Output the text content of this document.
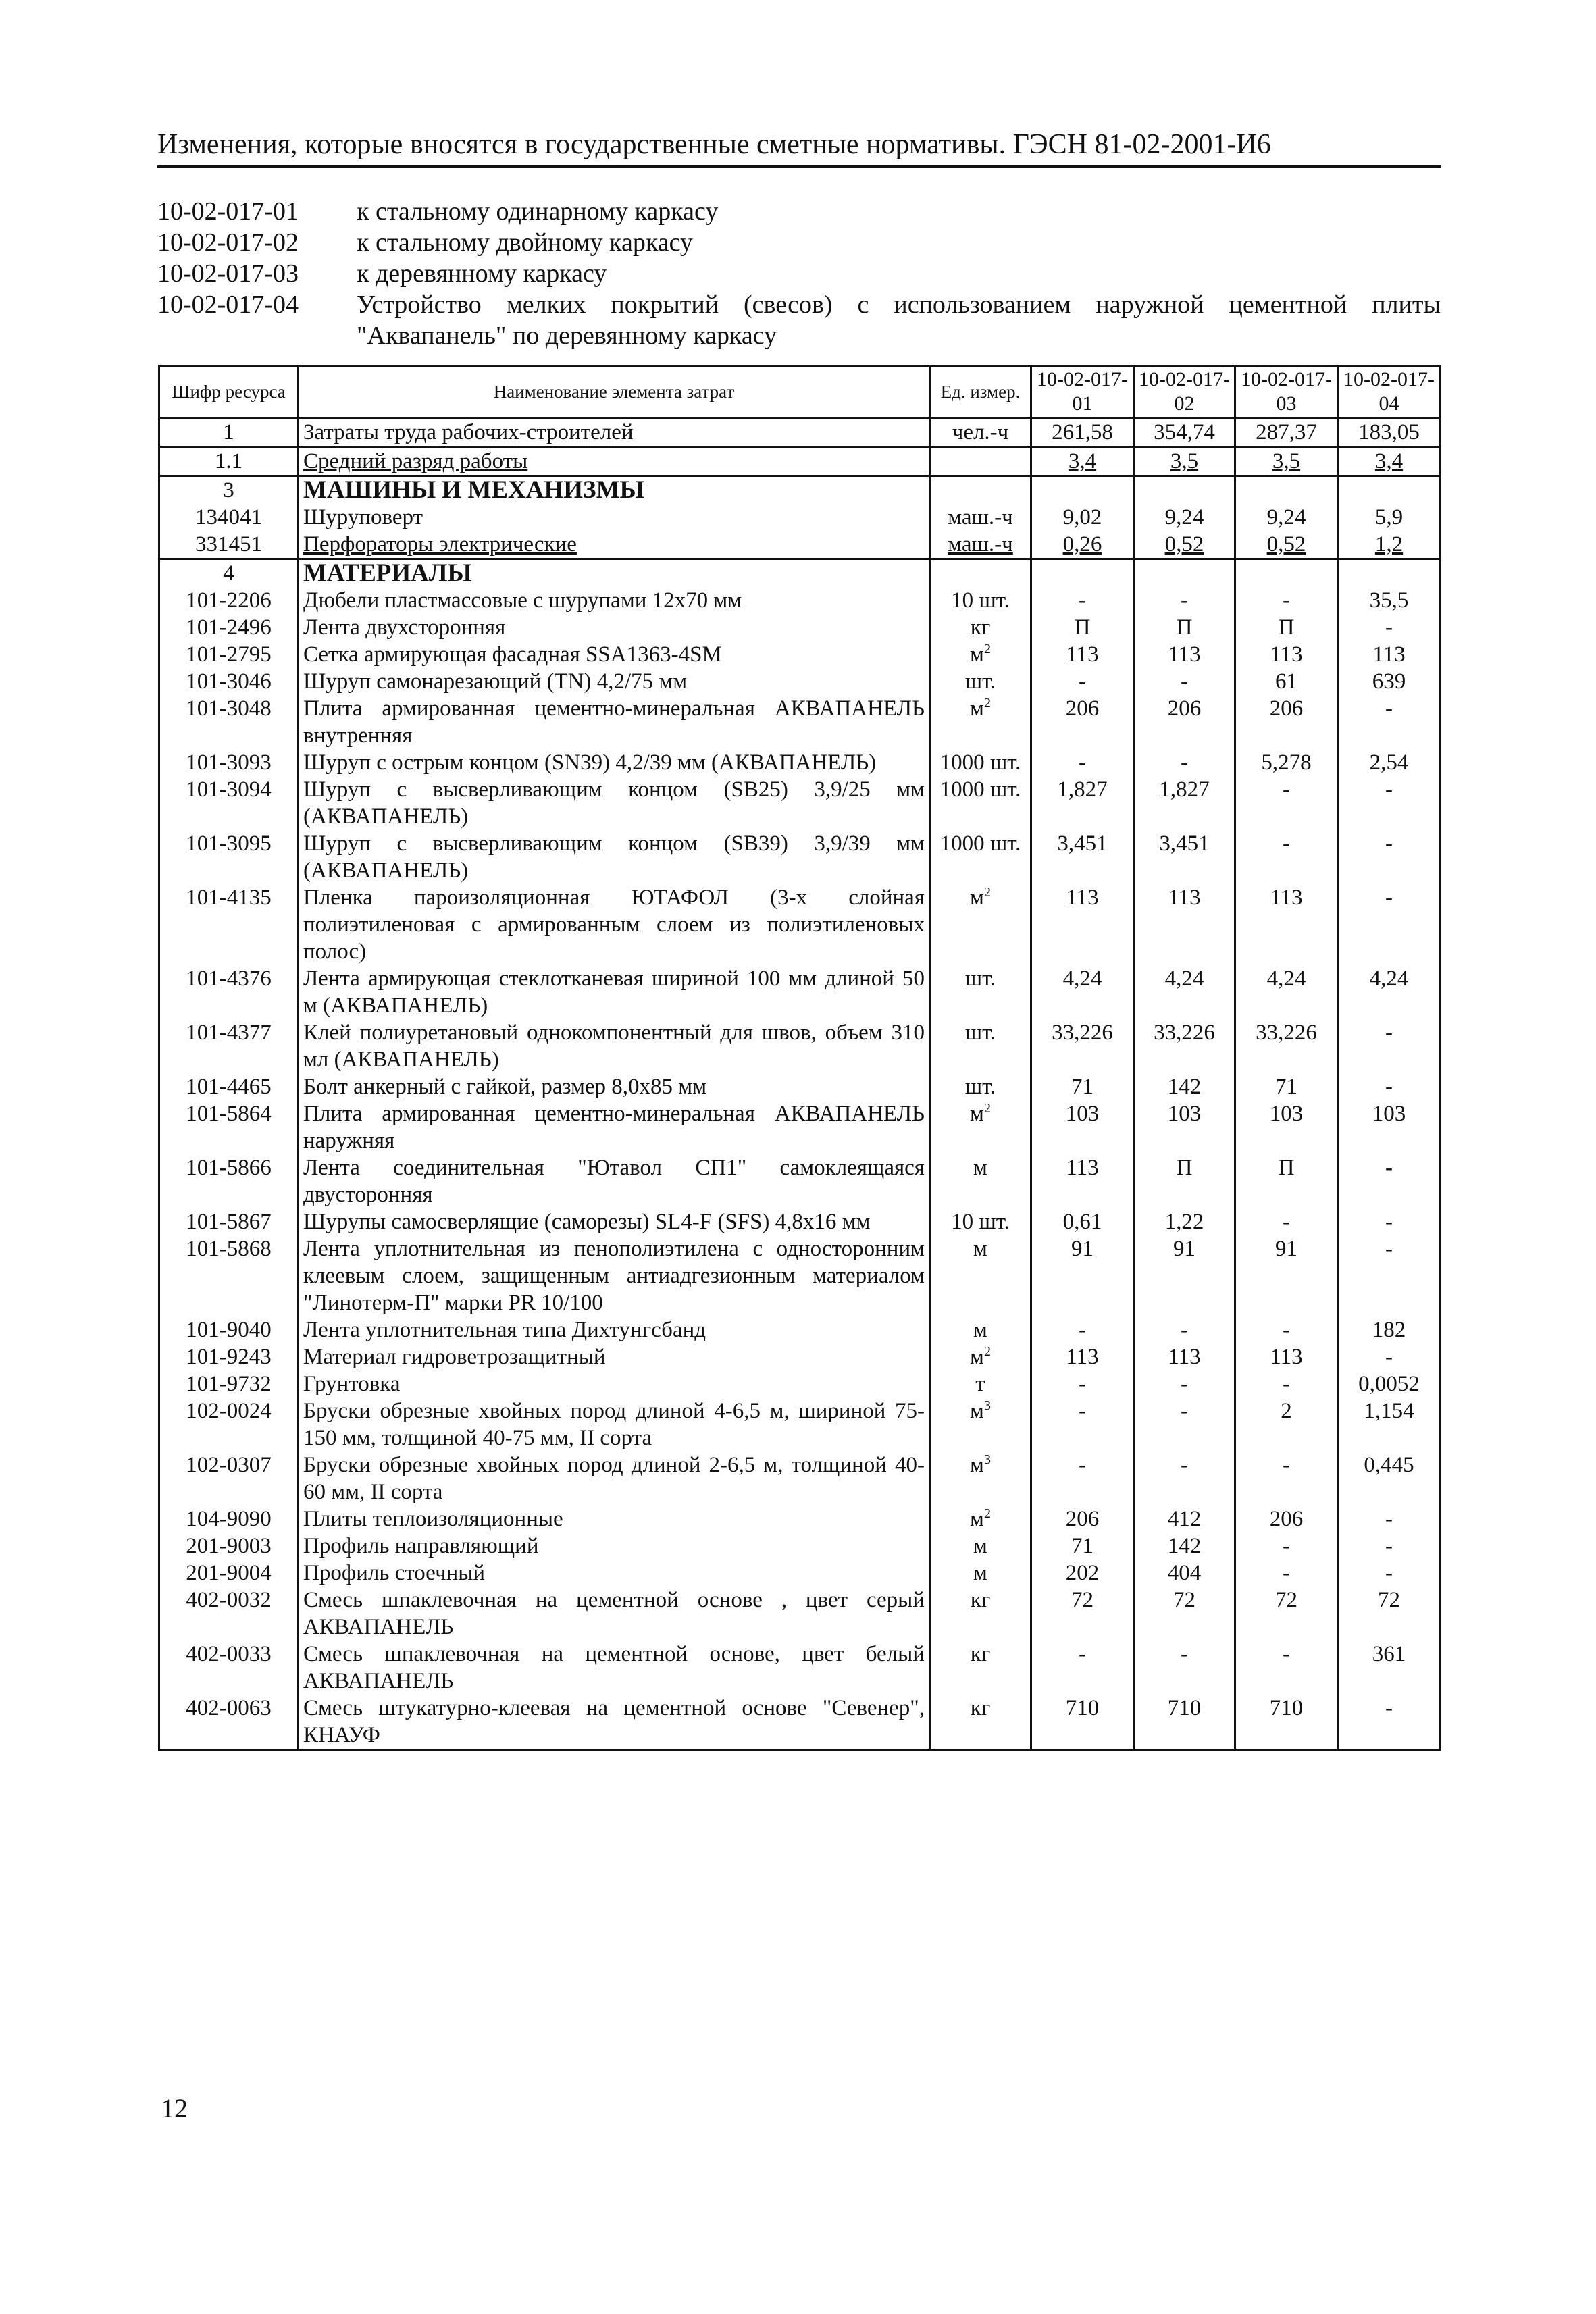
Изменения, которые вносятся в государственные сметные нормативы. ГЭСН 81-02-2001-И6
10-02-017-01	к стальному одинарному каркасу
10-02-017-02	к стальному двойному каркасу
10-02-017-03	к деревянному каркасу
10-02-017-04	Устройство мелких покрытий (свесов) с использованием наружной цементной плиты "Аквапанель" по деревянному каркасу
Шифр ресурса	Наименование элемента затрат	Ед. измер.	10-02-017-01	10-02-017-02	10-02-017-03	10-02-017-04
1	Затраты труда рабочих-строителей	чел.-ч	261,58	354,74	287,37	183,05
1.1	Средний разряд работы		3,4	3,5	3,5	3,4
3	МАШИНЫ И МЕХАНИЗМЫ					
134041	Шуруповерт	маш.-ч	9,02	9,24	9,24	5,9
331451	Перфораторы электрические	маш.-ч	0,26	0,52	0,52	1,2
4	МАТЕРИАЛЫ					
101-2206	Дюбели пластмассовые с шурупами 12х70 мм	10 шт.	-	-	-	35,5
101-2496	Лента двухсторонняя	кг	П	П	П	-
101-2795	Сетка армирующая фасадная SSA1363-4SM	$м^2$	113	113	113	113
101-3046	Шуруп самонарезающий (TN) 4,2/75 мм	шт.	-	-	61	639
101-3048	Плита армированная цементно-минеральная АКВАПАНЕЛЬ внутренняя	$м^2$	206	206	206	-
101-3093	Шуруп с острым концом (SN39) 4,2/39 мм (АКВАПАНЕЛЬ)	1000 шт.	-	-	5,278	2,54
101-3094	Шуруп с высверливающим концом (SB25) 3,9/25 мм (АКВАПАНЕЛЬ)	1000 шт.	1,827	1,827	-	-
101-3095	Шуруп с высверливающим концом (SB39) 3,9/39 мм (АКВАПАНЕЛЬ)	1000 шт.	3,451	3,451	-	-
101-4135	Пленка пароизоляционная ЮТАФОЛ (3-х слойная полиэтиленовая с армированным слоем из полиэтиленовых полос)	$м^2$	113	113	113	-
101-4376	Лента армирующая стеклотканевая шириной 100 мм длиной 50 м (АКВАПАНЕЛЬ)	шт.	4,24	4,24	4,24	4,24
101-4377	Клей полиуретановый однокомпонентный для швов, объем 310 мл (АКВАПАНЕЛЬ)	шт.	33,226	33,226	33,226	-
101-4465	Болт анкерный с гайкой, размер 8,0х85 мм	шт.	71	142	71	-
101-5864	Плита армированная цементно-минеральная АКВАПАНЕЛЬ наружняя	$м^2$	103	103	103	103
101-5866	Лента соединительная "Ютавол СП1" самоклеящаяся двусторонняя	м	113	П	П	-
101-5867	Шурупы самосверлящие (саморезы) SL4-F (SFS) 4,8х16 мм	10 шт.	0,61	1,22	-	-
101-5868	Лента уплотнительная из пенополиэтилена с односторонним клеевым слоем, защищенным антиадгезионным материалом "Линотерм-П" марки PR 10/100	м	91	91	91	-
101-9040	Лента уплотнительная типа Дихтунгсбанд	м	-	-	-	182
101-9243	Материал гидроветрозащитный	$м^2$	113	113	113	-
101-9732	Грунтовка	т	-	-	-	0,0052
102-0024	Бруски обрезные хвойных пород длиной 4-6,5 м, шириной 75-150 мм, толщиной 40-75 мм, II сорта	$м^3$	-	-	2	1,154
102-0307	Бруски обрезные хвойных пород длиной 2-6,5 м, толщиной 40-60 мм, II сорта	$м^3$	-	-	-	0,445
104-9090	Плиты теплоизоляционные	$м^2$	206	412	206	-
201-9003	Профиль направляющий	м	71	142	-	-
201-9004	Профиль стоечный	м	202	404	-	-
402-0032	Смесь шпаклевочная на цементной основе , цвет серый АКВАПАНЕЛЬ	кг	72	72	72	72
402-0033	Смесь шпаклевочная на цементной основе, цвет белый АКВАПАНЕЛЬ	кг	-	-	-	361
402-0063	Смесь штукатурно-клеевая на цементной основе "Севенер", КНАУФ	кг	710	710	710	-
12
